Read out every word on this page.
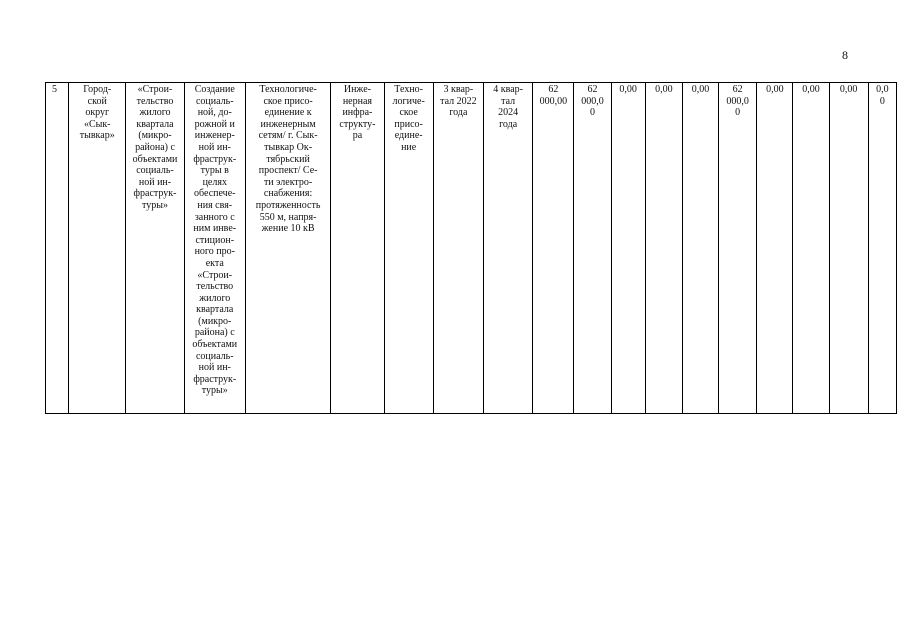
8
5	Город-
ской
округ
«Сык-
тывкар»	«Строи-
тельство
жилого
квартала
(микро-
района) с
объектами
социаль-
ной ин-
фраструк-
туры»	Создание
социаль-
ной, до-
рожной и
инженер-
ной ин-
фраструк-
туры в
целях
обеспече-
ния свя-
занного с
ним инве-
стицион-
ного про-
екта
«Строи-
тельство
жилого
квартала
(микро-
района) с
объектами
социаль-
ной ин-
фраструк-
туры»	Технологиче-
ское присо-
единение к
инженерным
сетям/ г. Сык-
тывкар Ок-
тябрьский
проспект/ Се-
ти электро-
снабжения:
протяженность
550 м, напря-
жение 10 кВ	Инже-
нерная
инфра-
структу-
ра	Техно-
логиче-
ское
присо-
едине-
ние	3 квар-
тал 2022
года	4 квар-
тал
2024
года	62
000,00	62
000,0
0	0,00	0,00	0,00	62
000,0
0	0,00	0,00	0,00	0,0
0
